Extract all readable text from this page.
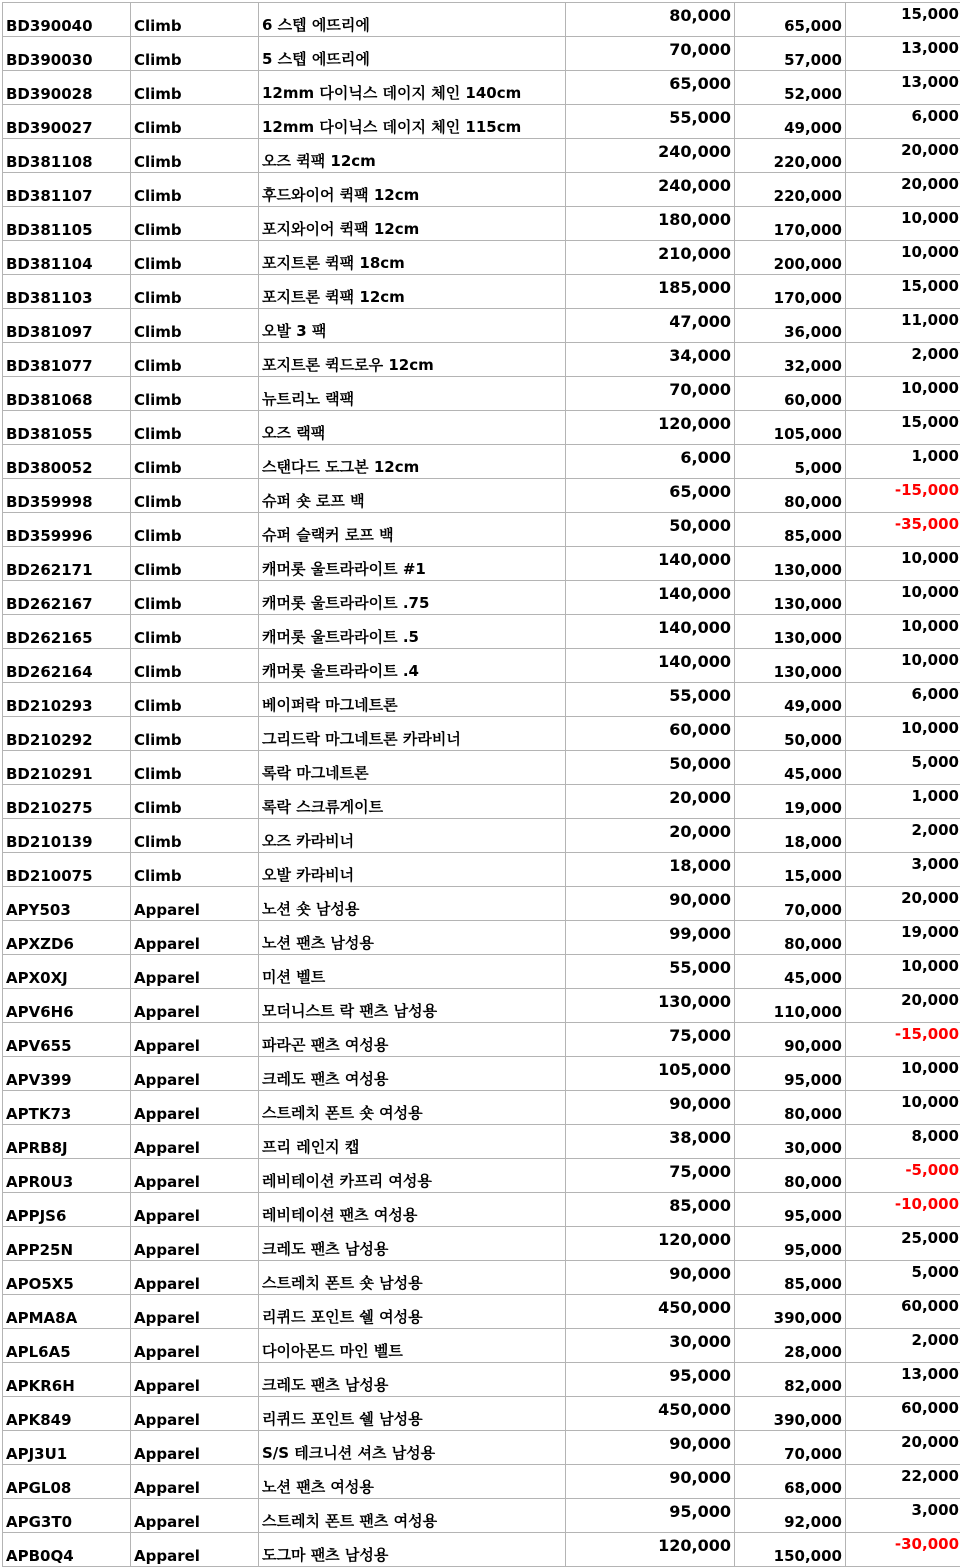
BD390040	Climb	6 스텝 에뜨리에	80,000	65,000	15,000
BD390030	Climb	5 스텝 에뜨리에	70,000	57,000	13,000
BD390028	Climb	12mm 다이닉스 데이지 체인 140cm	65,000	52,000	13,000
BD390027	Climb	12mm 다이닉스 데이지 체인 115cm	55,000	49,000	6,000
BD381108	Climb	오즈 퀵팩 12cm	240,000	220,000	20,000
BD381107	Climb	후드와이어 퀵팩 12cm	240,000	220,000	20,000
BD381105	Climb	포지와이어 퀵팩 12cm	180,000	170,000	10,000
BD381104	Climb	포지트론 퀵팩 18cm	210,000	200,000	10,000
BD381103	Climb	포지트론 퀵팩 12cm	185,000	170,000	15,000
BD381097	Climb	오발 3 팩	47,000	36,000	11,000
BD381077	Climb	포지트론 퀵드로우 12cm	34,000	32,000	2,000
BD381068	Climb	뉴트리노 랙팩	70,000	60,000	10,000
BD381055	Climb	오즈 랙팩	120,000	105,000	15,000
BD380052	Climb	스탠다드 도그본 12cm	6,000	5,000	1,000
BD359998	Climb	슈퍼 숏 로프 백	65,000	80,000	-15,000
BD359996	Climb	슈퍼 슬랙커 로프 백	50,000	85,000	-35,000
BD262171	Climb	캐머롯 울트라라이트 #1	140,000	130,000	10,000
BD262167	Climb	캐머롯 울트라라이트 .75	140,000	130,000	10,000
BD262165	Climb	캐머롯 울트라라이트 .5	140,000	130,000	10,000
BD262164	Climb	캐머롯 울트라라이트 .4	140,000	130,000	10,000
BD210293	Climb	베이퍼락 마그네트론	55,000	49,000	6,000
BD210292	Climb	그리드락 마그네트론 카라비너	60,000	50,000	10,000
BD210291	Climb	록락 마그네트론	50,000	45,000	5,000
BD210275	Climb	록락 스크류게이트	20,000	19,000	1,000
BD210139	Climb	오즈 카라비너	20,000	18,000	2,000
BD210075	Climb	오발 카라비너	18,000	15,000	3,000
APY503	Apparel	노션 숏 남성용	90,000	70,000	20,000
APXZD6	Apparel	노션 팬츠 남성용	99,000	80,000	19,000
APX0XJ	Apparel	미션 벨트	55,000	45,000	10,000
APV6H6	Apparel	모더니스트 락 팬츠 남성용	130,000	110,000	20,000
APV655	Apparel	파라곤 팬츠 여성용	75,000	90,000	-15,000
APV399	Apparel	크레도 팬츠 여성용	105,000	95,000	10,000
APTK73	Apparel	스트레치 폰트 숏 여성용	90,000	80,000	10,000
APRB8J	Apparel	프리 레인지 캡	38,000	30,000	8,000
APR0U3	Apparel	레비테이션 카프리 여성용	75,000	80,000	-5,000
APPJS6	Apparel	레비테이션 팬츠 여성용	85,000	95,000	-10,000
APP25N	Apparel	크레도 팬츠 남성용	120,000	95,000	25,000
APO5X5	Apparel	스트레치 폰트 숏 남성용	90,000	85,000	5,000
APMA8A	Apparel	리퀴드 포인트 쉘 여성용	450,000	390,000	60,000
APL6A5	Apparel	다이아몬드 마인 벨트	30,000	28,000	2,000
APKR6H	Apparel	크레도 팬츠 남성용	95,000	82,000	13,000
APK849	Apparel	리퀴드 포인트 쉘 남성용	450,000	390,000	60,000
APJ3U1	Apparel	S/S 테크니션 셔츠 남성용	90,000	70,000	20,000
APGL08	Apparel	노션 팬츠 여성용	90,000	68,000	22,000
APG3T0	Apparel	스트레치 폰트 팬츠 여성용	95,000	92,000	3,000
APB0Q4	Apparel	도그마 팬츠 남성용	120,000	150,000	-30,000
